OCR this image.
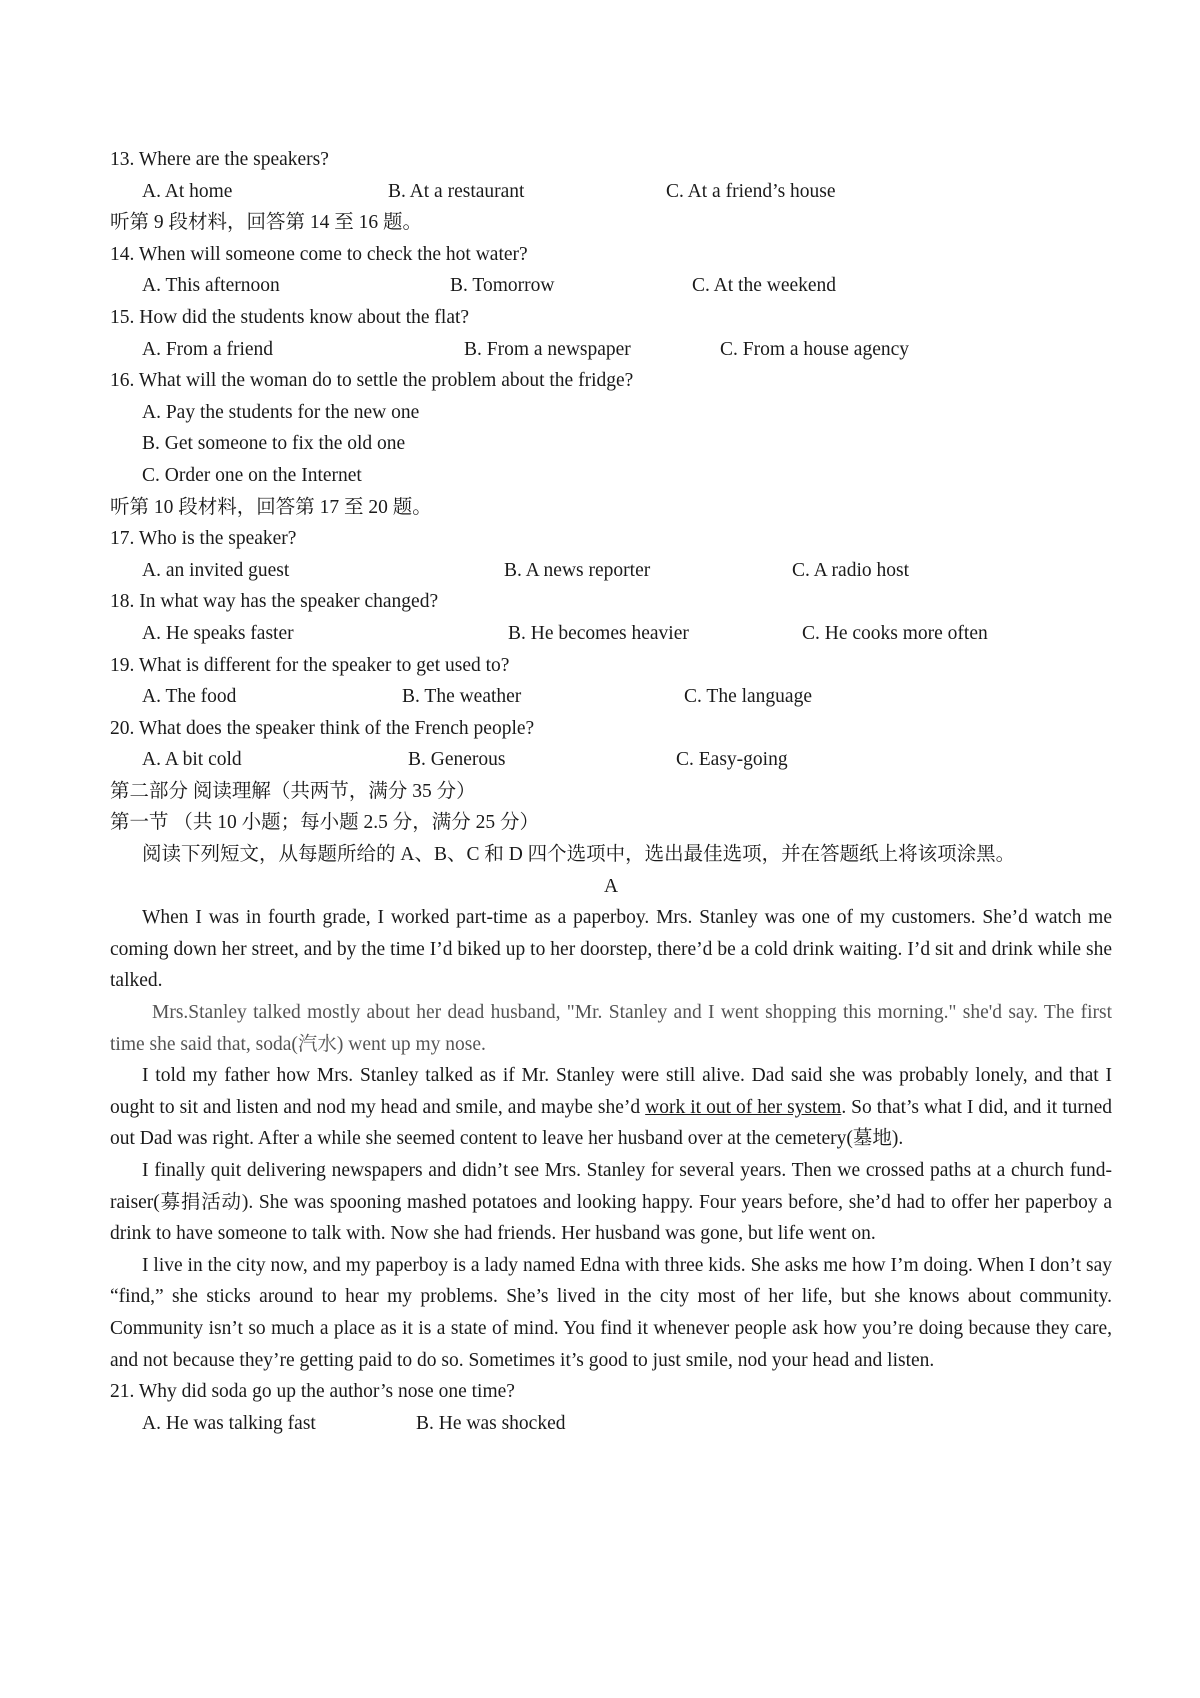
13. Where are the speakers?
A. At home	B. At a restaurant	C. At a friend’s house
听第 9 段材料，回答第 14 至 16 题。
14. When will someone come to check the hot water?
A. This afternoon	B. Tomorrow	C. At the weekend
15. How did the students know about the flat?
A. From a friend	B. From a newspaper	C. From a house agency
16. What will the woman do to settle the problem about the fridge?
A. Pay the students for the new one
B. Get someone to fix the old one
C. Order one on the Internet
听第 10 段材料，回答第 17 至 20 题。
17. Who is the speaker?
A. an invited guest	B. A news reporter	C. A radio host
18. In what way has the speaker changed?
A. He speaks faster	B. He becomes heavier	C. He cooks more often
19. What is different for the speaker to get used to?
A. The food	B. The weather	C. The language
20. What does the speaker think of the French people?
A. A bit cold	B. Generous	C. Easy-going
第二部分 阅读理解（共两节，满分 35 分）
第一节 （共 10 小题；每小题 2.5 分，满分 25 分）
阅读下列短文，从每题所给的 A、B、C 和 D 四个选项中，选出最佳选项，并在答题纸上将该项涂黑。
A

When I was in fourth grade, I worked part-time as a paperboy. Mrs. Stanley was one of my customers. She’d watch me coming down her street, and by the time I’d biked up to her doorstep, there’d be a cold drink waiting. I’d sit and drink while she talked.

Mrs.Stanley talked mostly about her dead husband, "Mr. Stanley and I went shopping this morning." she'd say. The first time she said that, soda(汽水) went up my nose.

I told my father how Mrs. Stanley talked as if Mr. Stanley were still alive. Dad said she was probably lonely, and that I ought to sit and listen and nod my head and smile, and maybe she’d work it out of her system. So that’s what I did, and it turned out Dad was right. After a while she seemed content to leave her husband over at the cemetery(墓地).

I finally quit delivering newspapers and didn’t see Mrs. Stanley for several years. Then we crossed paths at a church fund-raiser(募捐活动). She was spooning mashed potatoes and looking happy. Four years before, she’d had to offer her paperboy a drink to have someone to talk with. Now she had friends. Her husband was gone, but life went on.

I live in the city now, and my paperboy is a lady named Edna with three kids. She asks me how I’m doing. When I don’t say “find,” she sticks around to hear my problems. She’s lived in the city most of her life, but she knows about community. Community isn’t so much a place as it is a state of mind. You find it whenever people ask how you’re doing because they care, and not because they’re getting paid to do so. Sometimes it’s good to just smile, nod your head and listen.

21. Why did soda go up the author’s nose one time?
A. He was talking fast	B. He was shocked
